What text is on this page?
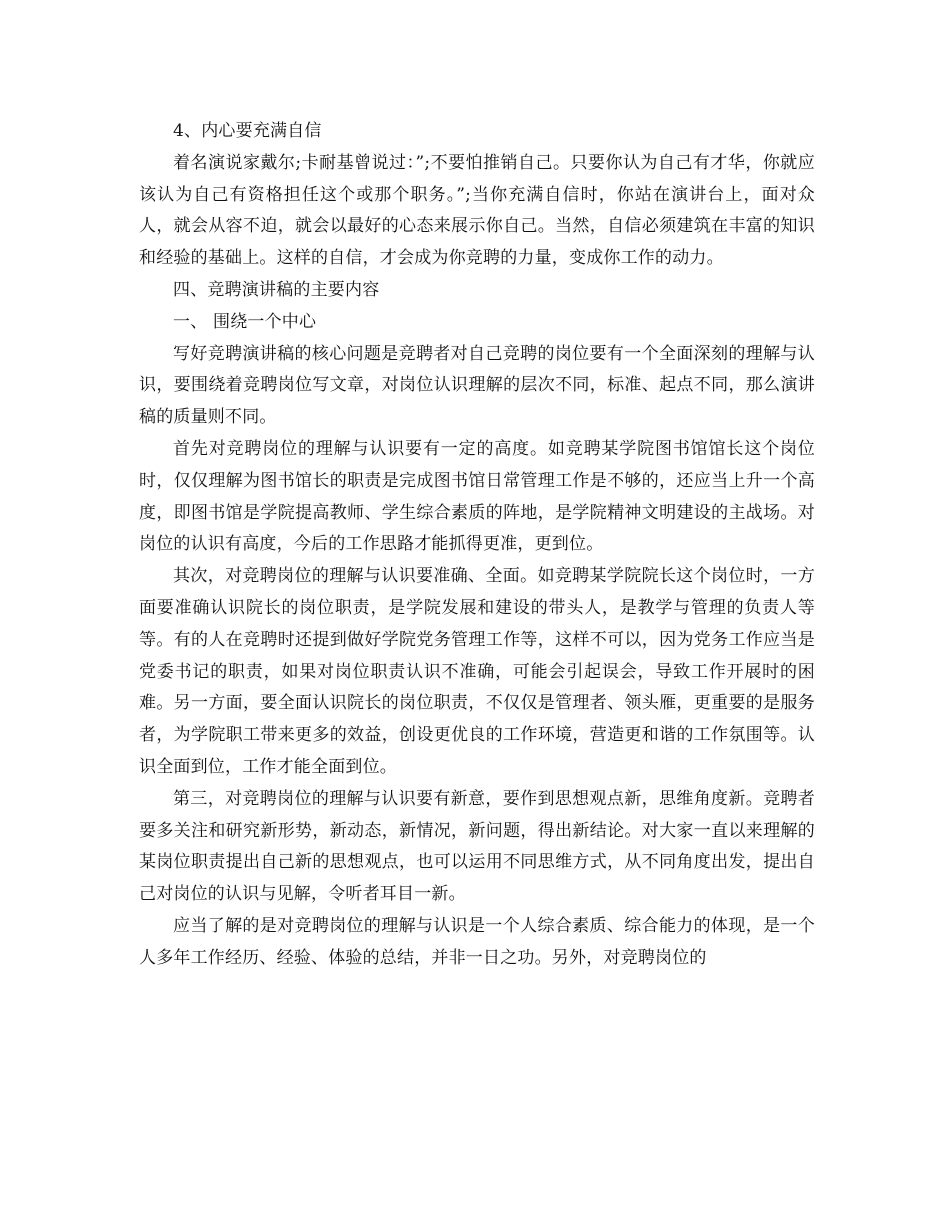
4、内心要充满自信

着名演说家戴尔;卡耐基曾说过：”;不要怕推销自己。只要你认为自己有才华，你就应该认为自己有资格担任这个或那个职务。”;当你充满自信时，你站在演讲台上，面对众人，就会从容不迫，就会以最好的心态来展示你自己。当然，自信必须建筑在丰富的知识和经验的基础上。这样的自信，才会成为你竞聘的力量，变成你工作的动力。

四、竞聘演讲稿的主要内容

一、 围绕一个中心

写好竞聘演讲稿的核心问题是竞聘者对自己竞聘的岗位要有一个全面深刻的理解与认识，要围绕着竞聘岗位写文章，对岗位认识理解的层次不同，标准、起点不同，那么演讲稿的质量则不同。

首先对竞聘岗位的理解与认识要有一定的高度。如竞聘某学院图书馆馆长这个岗位时，仅仅理解为图书馆长的职责是完成图书馆日常管理工作是不够的，还应当上升一个高度，即图书馆是学院提高教师、学生综合素质的阵地，是学院精神文明建设的主战场。对岗位的认识有高度，今后的工作思路才能抓得更准，更到位。

其次，对竞聘岗位的理解与认识要准确、全面。如竞聘某学院院长这个岗位时，一方面要准确认识院长的岗位职责，是学院发展和建设的带头人，是教学与管理的负责人等等。有的人在竞聘时还提到做好学院党务管理工作等，这样不可以，因为党务工作应当是党委书记的职责，如果对岗位职责认识不准确，可能会引起误会，导致工作开展时的困难。另一方面，要全面认识院长的岗位职责，不仅仅是管理者、领头雁，更重要的是服务者，为学院职工带来更多的效益，创设更优良的工作环境，营造更和谐的工作氛围等。认识全面到位，工作才能全面到位。

第三，对竞聘岗位的理解与认识要有新意，要作到思想观点新，思维角度新。竞聘者要多关注和研究新形势，新动态，新情况，新问题，得出新结论。对大家一直以来理解的某岗位职责提出自己新的思想观点，也可以运用不同思维方式，从不同角度出发，提出自己对岗位的认识与见解，令听者耳目一新。

应当了解的是对竞聘岗位的理解与认识是一个人综合素质、综合能力的体现，是一个人多年工作经历、经验、体验的总结，并非一日之功。另外，对竞聘岗位的
